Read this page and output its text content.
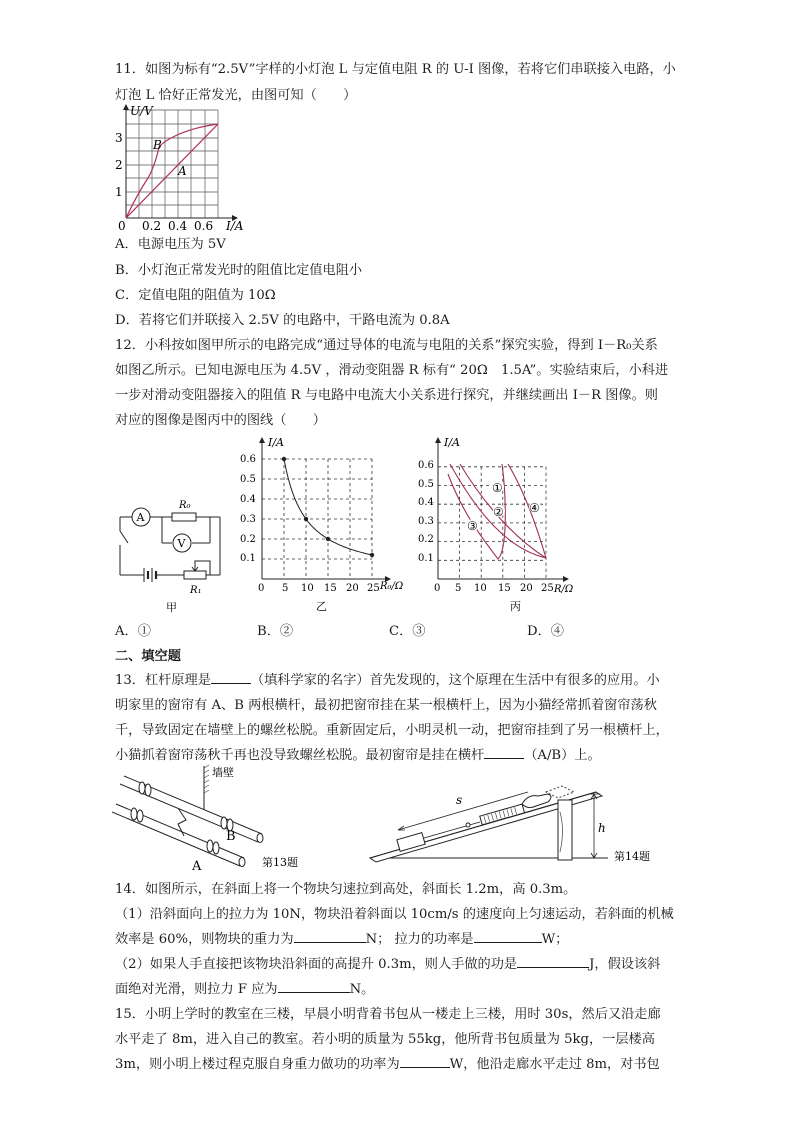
11．如图为标有“2.5V”字样的小灯泡 L 与定值电阻 R 的 U-I 图像，若将它们串联接入电路，小
灯泡 L 恰好正常发光，由图可知（　　）
U/V
I/A
3
2
1
0 0.2 0.4 0.6
B
A
A．电源电压为 5V
B．小灯泡正常发光时的阻值比定值电阻小
C．定值电阻的阻值为 10Ω
D．若将它们并联接入 2.5V 的电路中，干路电流为 0.8A
12．小科按如图甲所示的电路完成“通过导体的电流与电阻的关系”探究实验，得到 I－R₀关系
如图乙所示。已知电源电压为 4.5V ，滑动变阻器 R 标有“ 20Ω　1.5A”。实验结束后，小科进
一步对滑动变阻器接入的阻值 R 与电路中电流大小关系进行探究，并继续画出 I－R 图像。则
对应的图像是图丙中的图线（　　）
A
R₀
V
R₁
甲
I/A
R₀/Ω
0.6
0.5
0.4
0.3
0.2
0.1
0 5 10 15 20 25
乙
①
②
③
④
I/A
R/Ω
0.6
0.5
0.4
0.3
0.2
0.1
0 5 10 15 20 25
丙
A．①	B．②	C．③	D．④
二、填空题
13．杠杆原理是	（填科学家的名字）首先发现的，这个原理在生活中有很多的应用。小
明家里的窗帘有 A、B 两根横杆，最初把窗帘挂在某一根横杆上，因为小猫经常抓着窗帘荡秋
千，导致固定在墙壁上的螺丝松脱。重新固定后，小明灵机一动，把窗帘挂到了另一根横杆上，
小猫抓着窗帘荡秋千再也没导致螺丝松脱。最初窗帘是挂在横杆	（A/B）上。
墙壁
B
A	第13题
s
h
第14题
14．如图所示，在斜面上将一个物块匀速拉到高处，斜面长 1.2m，高 0.3m。
（1）沿斜面向上的拉力为 10N，物块沿着斜面以 10cm/s 的速度向上匀速运动，若斜面的机械
效率是 60%，则物块的重力为	N； 拉力的功率是	W；
（2）如果人手直接把该物块沿斜面的高提升 0.3m，则人手做的功是	J，假设该斜
面绝对光滑，则拉力 F 应为	N。
15．小明上学时的教室在三楼，早晨小明背着书包从一楼走上三楼，用时 30s，然后又沿走廊
水平走了 8m，进入自己的教室。若小明的质量为 55kg，他所背书包质量为 5kg，一层楼高
3m，则小明上楼过程克服自身重力做功的功率为	W，他沿走廊水平走过 8m，对书包
